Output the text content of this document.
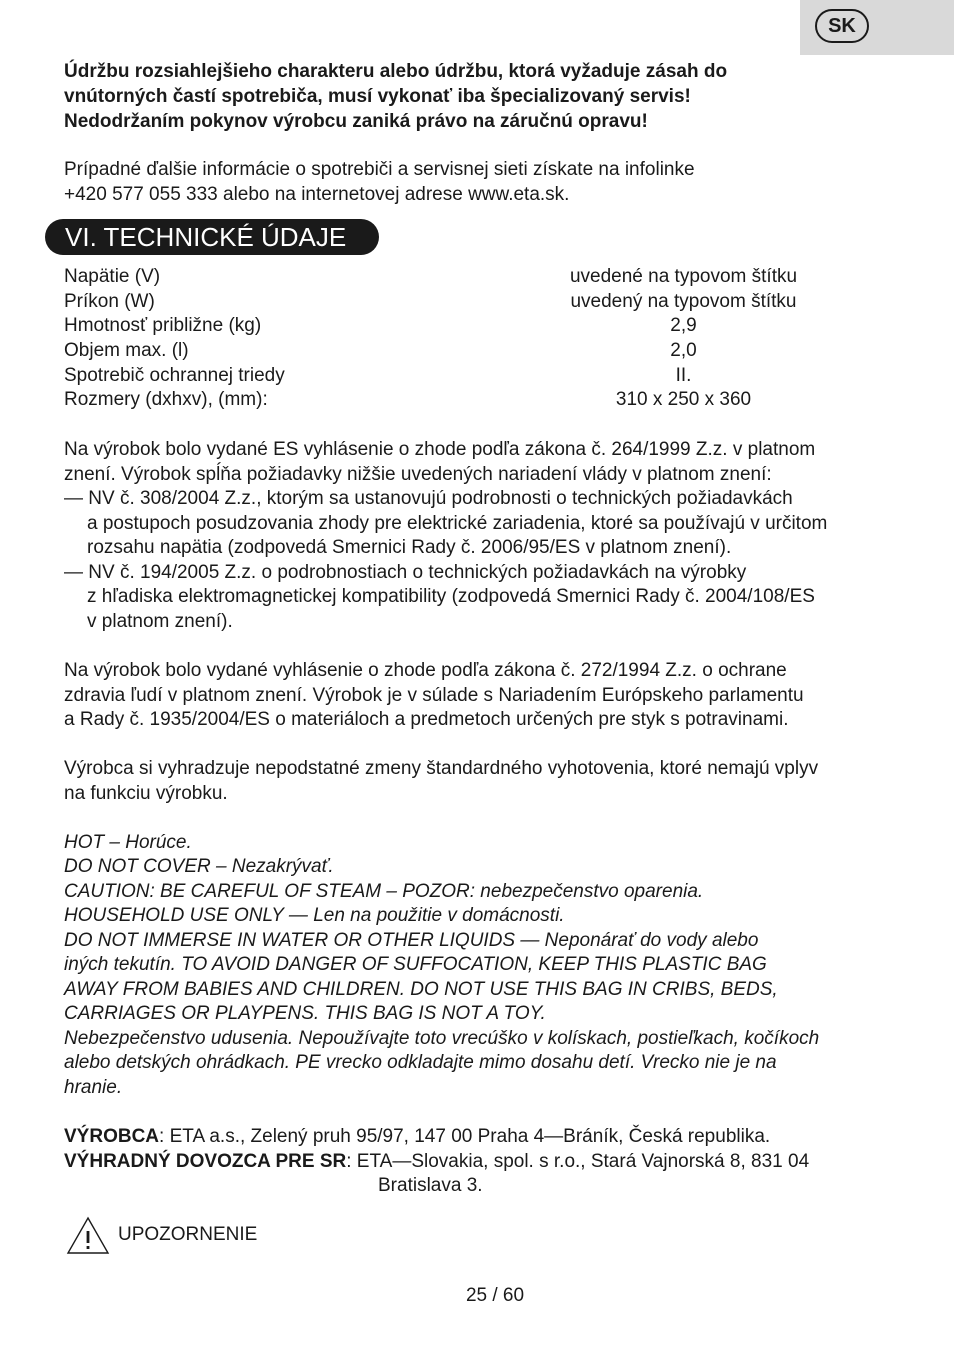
SK

Údržbu rozsiahlejšieho charakteru alebo údržbu, ktorá vyžaduje zásah do

vnútorných častí spotrebiča, musí vykonať iba špecializovaný servis!

Nedodržaním pokynov výrobcu zaniká právo na záručnú opravu!

Prípadné ďalšie informácie o spotrebiči a servisnej sieti získate na infolinke

+420 577 055 333 alebo na internetovej adrese www.eta.sk.

VI. TECHNICKÉ ÚDAJE
Napätie (V)	uvedené na typovom štítku
Príkon (W)	uvedený na typovom štítku
Hmotnosť približne (kg)	2,9
Objem max. (l)	2,0
Spotrebič ochrannej triedy	II.
Rozmery (dxhxv), (mm):	310 x 250 x 360

Na výrobok bolo vydané ES vyhlásenie o zhode podľa zákona č. 264/1999 Z.z. v platnom

znení. Výrobok spĺňa požiadavky nižšie uvedených nariadení vlády v platnom znení:

— NV č. 308/2004 Z.z., ktorým sa ustanovujú podrobnosti o technických požiadavkách

a postupoch posudzovania zhody pre elektrické zariadenia, ktoré sa používajú v určitom

rozsahu napätia (zodpovedá Smernici Rady č. 2006/95/ES v platnom znení).

— NV č. 194/2005 Z.z. o podrobnostiach o technických požiadavkách na výrobky

z hľadiska elektromagnetickej kompatibility (zodpovedá Smernici Rady č. 2004/108/ES

v platnom znení).

Na výrobok bolo vydané vyhlásenie o zhode podľa zákona č. 272/1994 Z.z. o ochrane

zdravia ľudí v platnom znení. Výrobok je v súlade s Nariadením Európskeho parlamentu

a Rady č. 1935/2004/ES o materiáloch a predmetoch určených pre styk s potravinami.

Výrobca si vyhradzuje nepodstatné zmeny štandardného vyhotovenia, ktoré nemajú vplyv

na funkciu výrobku.

HOT – Horúce.

DO NOT COVER – Nezakrývať.

CAUTION: BE CAREFUL OF STEAM – POZOR: nebezpečenstvo oparenia.

HOUSEHOLD USE ONLY — Len na použitie v domácnosti.

DO NOT IMMERSE IN WATER OR OTHER LIQUIDS — Neponárať do vody alebo

iných tekutín. TO AVOID DANGER OF SUFFOCATION, KEEP THIS PLASTIC BAG

AWAY FROM BABIES AND CHILDREN. DO NOT USE THIS BAG IN CRIBS, BEDS,

CARRIAGES OR PLAYPENS. THIS BAG IS NOT A TOY.

Nebezpečenstvo udusenia. Nepoužívajte toto vrecúško v kolískach, postieľkach, kočíkoch

alebo detských ohrádkach. PE vrecko odkladajte mimo dosahu detí. Vrecko nie je na

hranie.

VÝROBCA: ETA a.s., Zelený pruh 95/97, 147 00 Praha 4—Bráník, Česká republika.

VÝHRADNÝ DOVOZCA PRE SR: ETA—Slovakia, spol. s r.o., Stará Vajnorská 8, 831 04

Bratislava 3.

UPOZORNENIE
25 / 60
